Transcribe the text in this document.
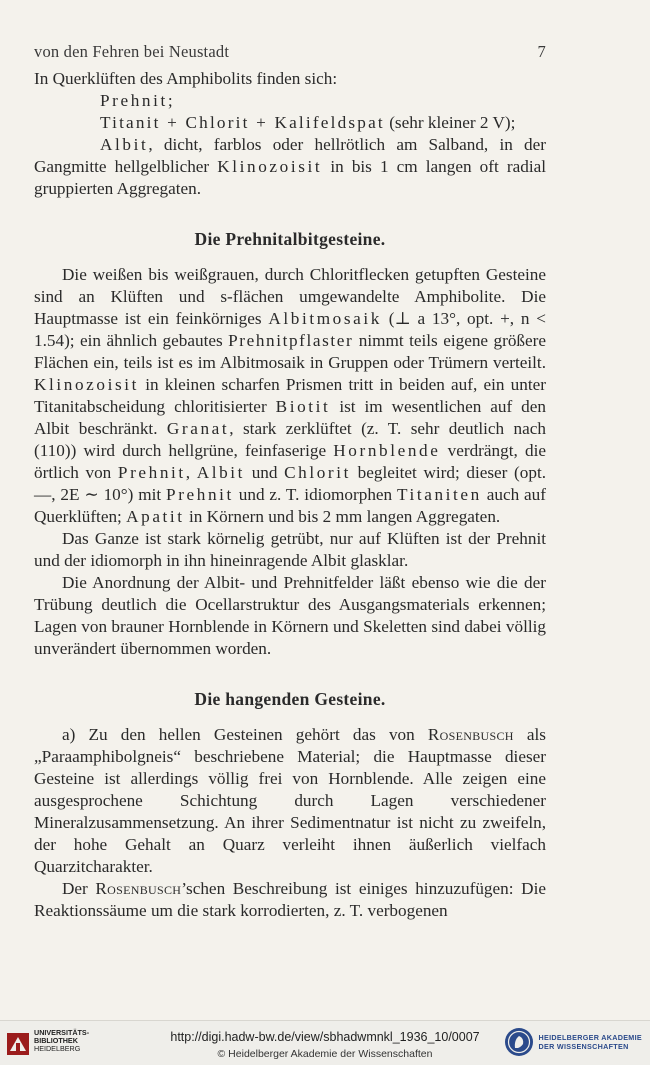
von den Fehren bei Neustadt	7

In Querklüften des Amphibolits finden sich:

Prehnit;

Titanit + Chlorit + Kalifeldspat (sehr kleiner 2 V);

Albit, dicht, farblos oder hellrötlich am Salband, in der Gangmitte hellgelblicher Klinozoisit in bis 1 cm langen oft radial gruppierten Aggregaten.

Die Prehnitalbitgesteine.

Die weißen bis weißgrauen, durch Chloritflecken getupften Gesteine sind an Klüften und s-flächen umgewandelte Amphibolite. Die Hauptmasse ist ein feinkörniges Albitmosaik (⊥ a 13°, opt. +, n < 1.54); ein ähnlich gebautes Prehnitpflaster nimmt teils eigene größere Flächen ein, teils ist es im Albitmosaik in Gruppen oder Trümern verteilt. Klinozoisit in kleinen scharfen Prismen tritt in beiden auf, ein unter Titanitabscheidung chloritisierter Biotit ist im wesentlichen auf den Albit beschränkt. Granat, stark zerklüftet (z. T. sehr deutlich nach (110)) wird durch hellgrüne, feinfaserige Hornblende verdrängt, die örtlich von Prehnit, Albit und Chlorit begleitet wird; dieser (opt. —, 2E ∼ 10°) mit Prehnit und z. T. idiomorphen Titaniten auch auf Querklüften; Apatit in Körnern und bis 2 mm langen Aggregaten.

Das Ganze ist stark körnelig getrübt, nur auf Klüften ist der Prehnit und der idiomorph in ihn hineinragende Albit glasklar.

Die Anordnung der Albit- und Prehnitfelder läßt ebenso wie die der Trübung deutlich die Ocellarstruktur des Ausgangsmaterials erkennen; Lagen von brauner Hornblende in Körnern und Skeletten sind dabei völlig unverändert übernommen worden.

Die hangenden Gesteine.

a) Zu den hellen Gesteinen gehört das von Rosenbusch als „Paraamphibolgneis“ beschriebene Material; die Hauptmasse dieser Gesteine ist allerdings völlig frei von Hornblende. Alle zeigen eine ausgesprochene Schichtung durch Lagen verschiedener Mineralzusammensetzung. An ihrer Sedimentnatur ist nicht zu zweifeln, der hohe Gehalt an Quarz verleiht ihnen äußerlich vielfach Quarzitcharakter.

Der Rosenbusch’schen Beschreibung ist einiges hinzuzufügen: Die Reaktionssäume um die stark korrodierten, z. T. verbogenen

UNIVERSITÄTS-
BIBLIOTHEK
HEIDELBERG
http://digi.hadw-bw.de/view/sbhadwmnkl_1936_10/0007
© Heidelberger Akademie der Wissenschaften
HEIDELBERGER AKADEMIE
DER WISSENSCHAFTEN
